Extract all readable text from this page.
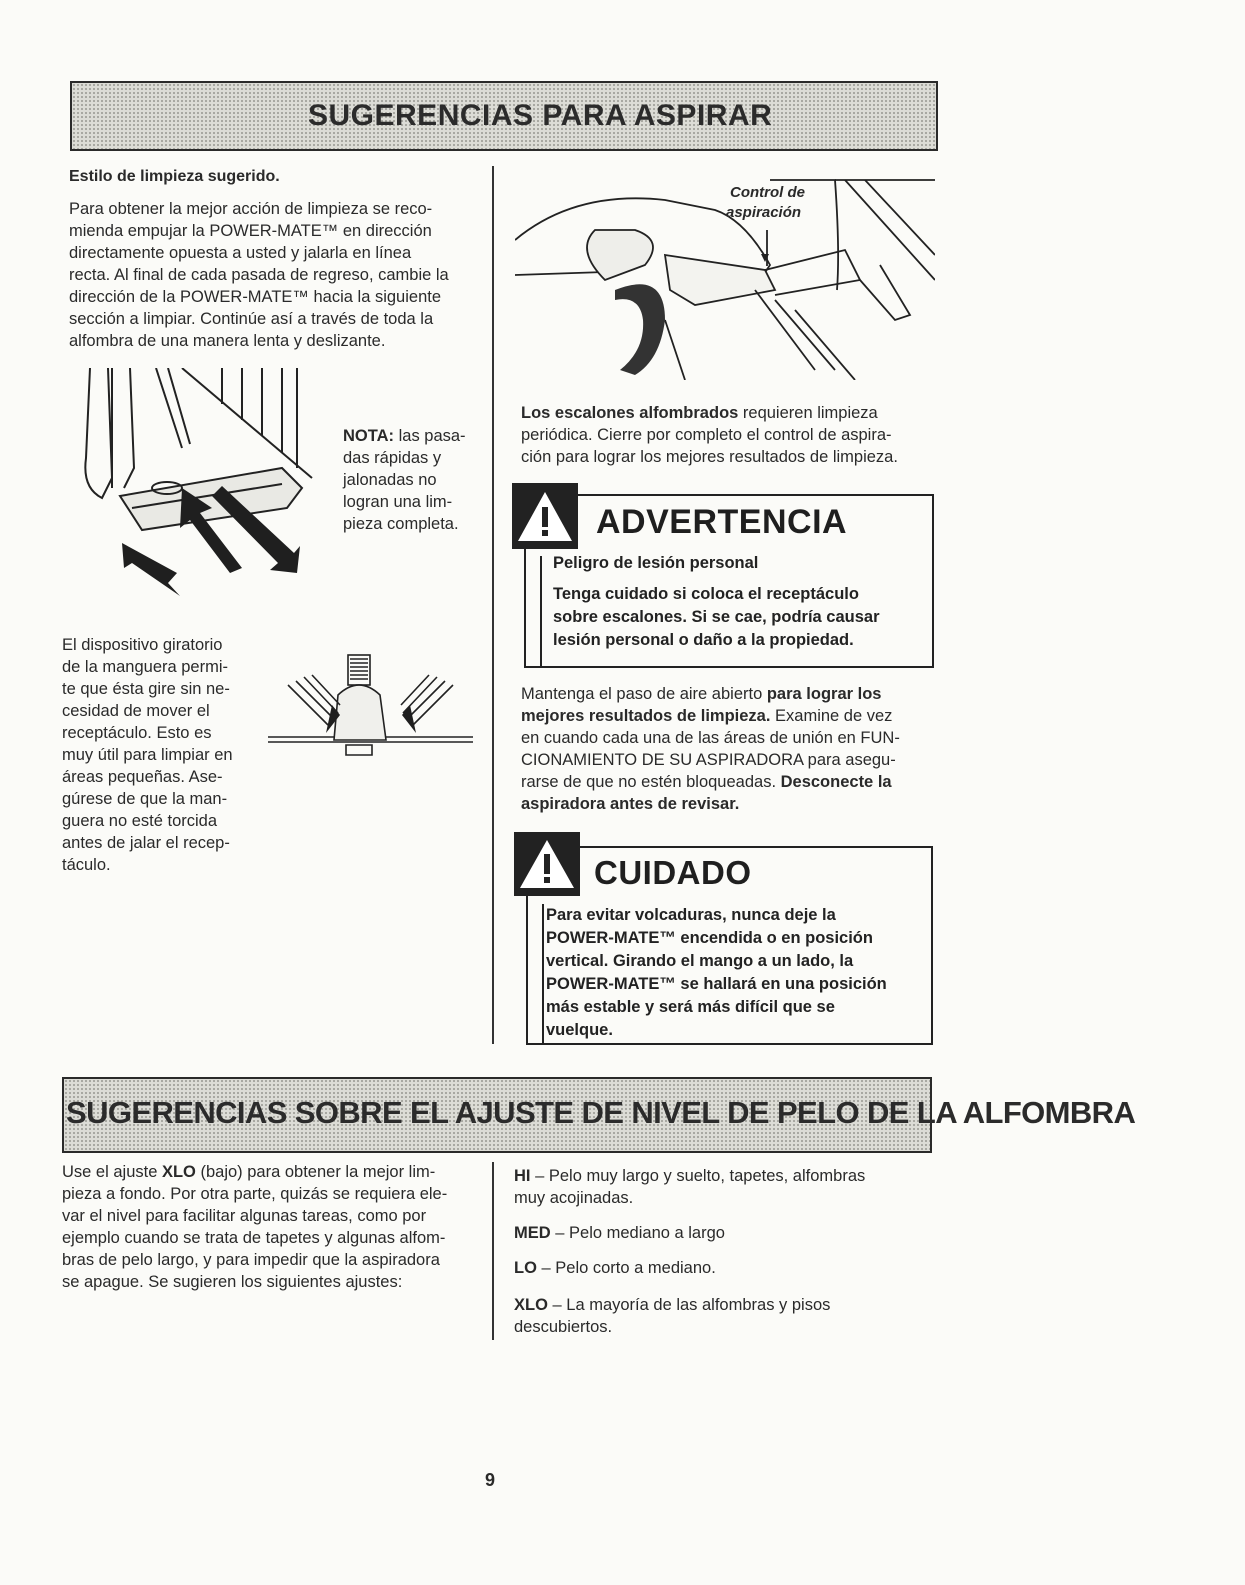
SUGERENCIAS PARA ASPIRAR
Estilo de limpieza sugerido.
Para obtener la mejor acción de limpieza se reco-
mienda empujar la POWER-MATE™ en dirección
directamente opuesta a usted y jalarla en línea
recta. Al final de cada pasada de regreso, cambie la
dirección de la POWER-MATE™ hacia la siguiente
sección a limpiar. Continúe así a través de toda la
alfombra de una manera lenta y deslizante.
NOTA: las pasa-
das rápidas y
jalonadas no
logran una lim-
pieza completa.
El dispositivo giratorio
de la manguera permi-
te que ésta gire sin ne-
cesidad de mover el
receptáculo. Esto es
muy útil para limpiar en
áreas pequeñas. Ase-
gúrese de que la man-
guera no esté torcida
antes de jalar el recep-
táculo.
Control de
aspiración
Los escalones alfombrados requieren limpieza
periódica. Cierre por completo el control de aspira-
ción para lograr los mejores resultados de limpieza.
ADVERTENCIA
Peligro de lesión personal
Tenga cuidado si coloca el receptáculo
sobre escalones. Si se cae, podría causar
lesión personal o daño a la propiedad.
Mantenga el paso de aire abierto para lograr los
mejores resultados de limpieza. Examine de vez
en cuando cada una de las áreas de unión en FUN-
CIONAMIENTO DE SU ASPIRADORA para asegu-
rarse de que no estén bloqueadas. Desconecte la
aspiradora antes de revisar.
CUIDADO
Para evitar volcaduras, nunca deje la
POWER-MATE™ encendida o en posición
vertical. Girando el mango a un lado, la
POWER-MATE™ se hallará en una posición
más estable y será más difícil que se
vuelque.
SUGERENCIAS SOBRE EL AJUSTE DE NIVEL DE PELO DE LA ALFOMBRA
Use el ajuste XLO (bajo) para obtener la mejor lim-
pieza a fondo. Por otra parte, quizás se requiera ele-
var el nivel para facilitar algunas tareas, como por
ejemplo cuando se trata de tapetes y algunas alfom-
bras de pelo largo, y para impedir que la aspiradora
se apague. Se sugieren los siguientes ajustes:
HI – Pelo muy largo y suelto, tapetes, alfombras
muy acojinadas.
MED – Pelo mediano a largo
LO – Pelo corto a mediano.
XLO – La mayoría de las alfombras y pisos
descubiertos.
9
